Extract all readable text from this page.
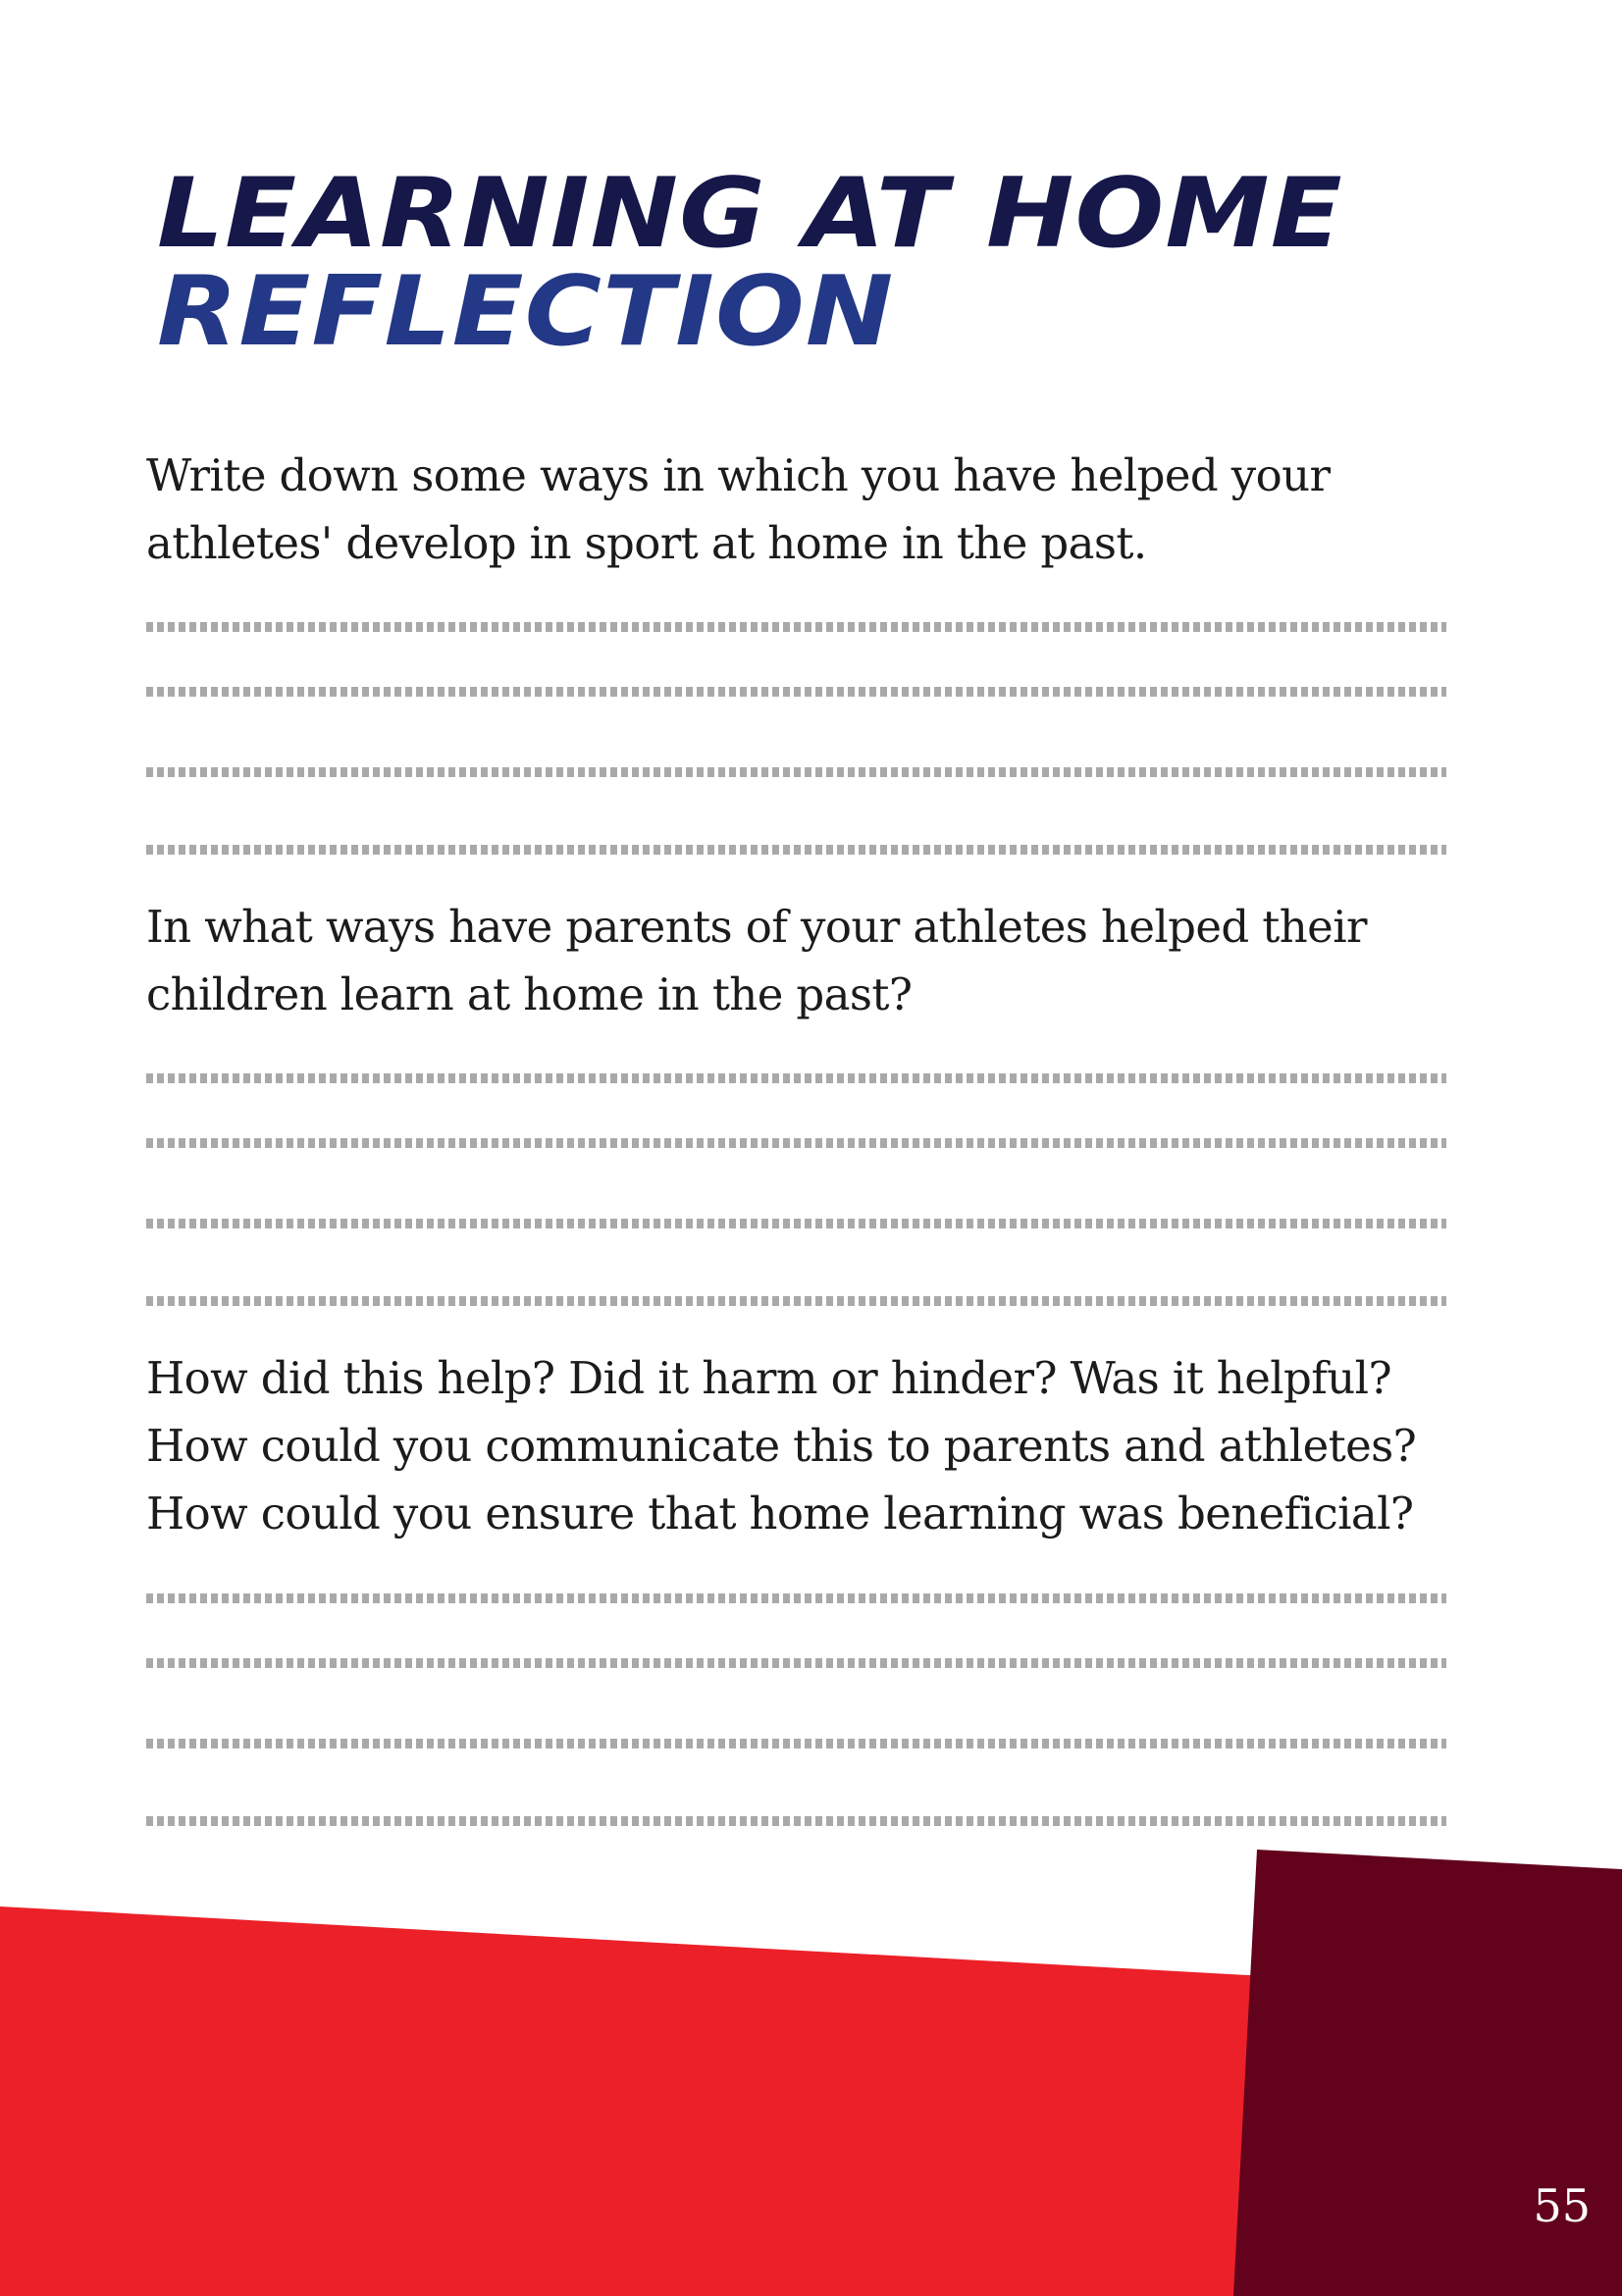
LEARNING AT HOME
REFLECTION

Write down some ways in which you have helped your
athletes' develop in sport at home in the past.

In what ways have parents of your athletes helped their
children learn at home in the past?

How did this help? Did it harm or hinder? Was it helpful?
How could you communicate this to parents and athletes?
How could you ensure that home learning was beneficial?

55
